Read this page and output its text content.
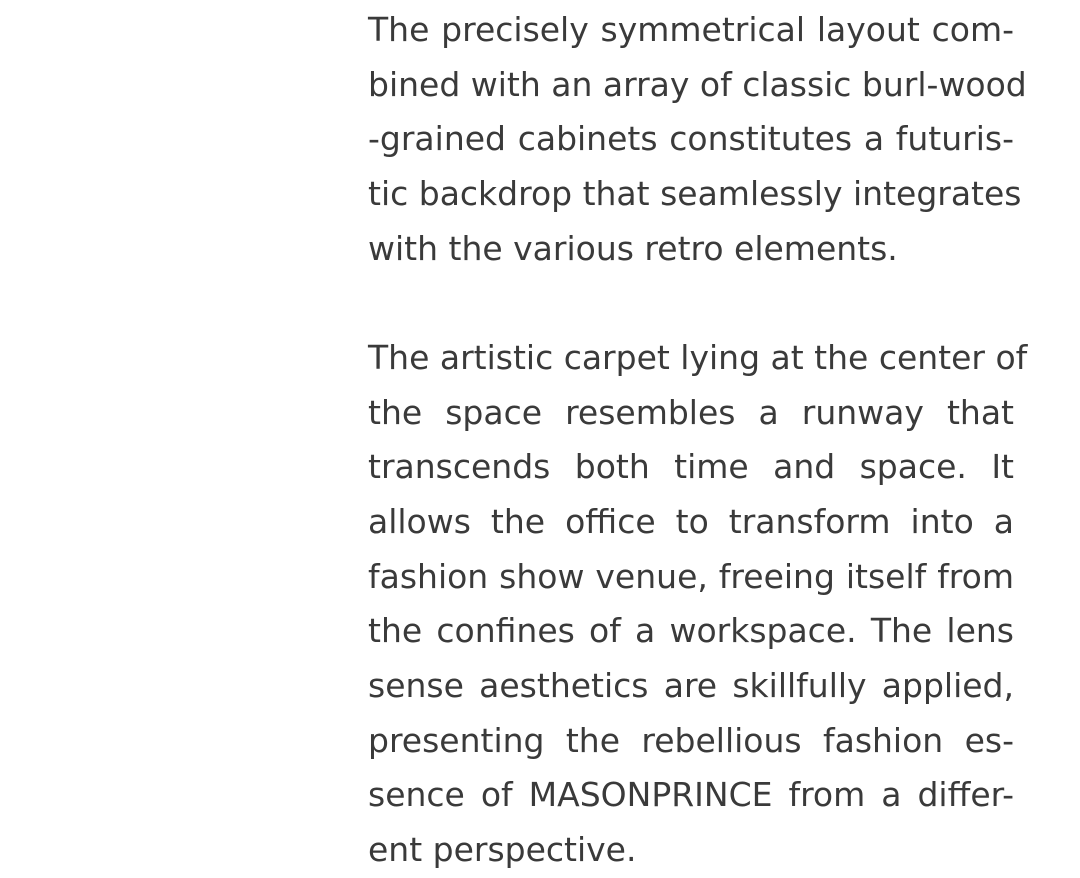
The precisely symmetrical layout com-
bined with an array of classic burl-wood
-grained cabinets constitutes a futuris-
tic backdrop that seamlessly integrates
with the various retro elements.

The artistic carpet lying at the center of
the space resembles a runway that
transcends both time and space. It
allows the office to transform into a
fashion show venue, freeing itself from
the confines of a workspace. The lens
sense aesthetics are skillfully applied,
presenting the rebellious fashion es-
sence of MASONPRINCE from a differ-
ent perspective.
